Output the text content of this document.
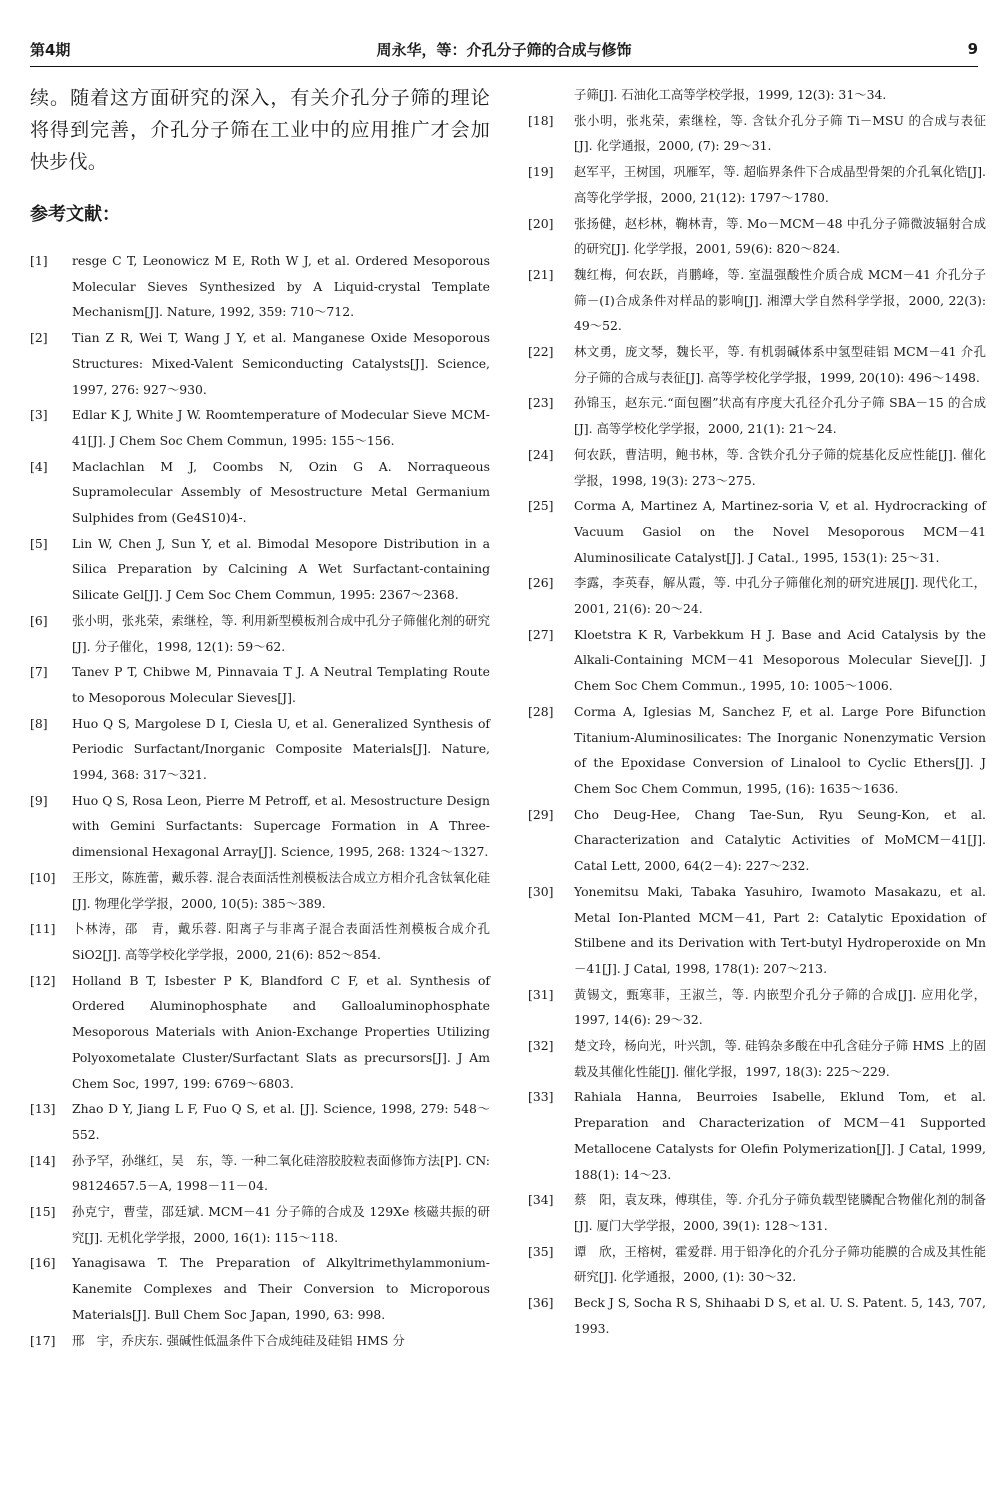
第4期	周永华，等：介孔分子筛的合成与修饰	9

续。随着这方面研究的深入，有关介孔分子筛的理论将得到完善，介孔分子筛在工业中的应用推广才会加快步伐。

参考文献：
[1]	resge C T, Leonowicz M E, Roth W J, et al. Ordered Mesoporous Molecular Sieves Synthesized by A Liquid-crystal Template Mechanism[J]. Nature, 1992, 359: 710～712.
[2]	Tian Z R, Wei T, Wang J Y, et al. Manganese Oxide Mesoporous Structures: Mixed-Valent Semiconducting Catalysts[J]. Science, 1997, 276: 927～930.
[3]	Edlar K J, White J W. Roomtemperature of Modecular Sieve MCM-41[J]. J Chem Soc Chem Commun, 1995: 155～156.
[4]	Maclachlan M J, Coombs N, Ozin G A. Norraqueous Supramolecular Assembly of Mesostructure Metal Germanium Sulphides from (Ge4S10)4-.
[5]	Lin W, Chen J, Sun Y, et al. Bimodal Mesopore Distribution in a Silica Preparation by Calcining A Wet Surfactant-containing Silicate Gel[J]. J Cem Soc Chem Commun, 1995: 2367～2368.
[6]	张小明，张兆荣，索继栓，等. 利用新型模板剂合成中孔分子筛催化剂的研究[J]. 分子催化，1998, 12(1): 59～62.
[7]	Tanev P T, Chibwe M, Pinnavaia T J. A Neutral Templating Route to Mesoporous Molecular Sieves[J].
[8]	Huo Q S, Margolese D I, Ciesla U, et al. Generalized Synthesis of Periodic Surfactant/Inorganic Composite Materials[J]. Nature, 1994, 368: 317～321.
[9]	Huo Q S, Rosa Leon, Pierre M Petroff, et al. Mesostructure Design with Gemini Surfactants: Supercage Formation in A Three-dimensional Hexagonal Array[J]. Science, 1995, 268: 1324～1327.
[10]	王彤文，陈旌蕾，戴乐蓉. 混合表面活性剂模板法合成立方相介孔含钛氧化硅[J]. 物理化学学报，2000, 10(5): 385～389.
[11]	卜林涛，邵　青，戴乐蓉. 阳离子与非离子混合表面活性剂模板合成介孔 SiO2[J]. 高等学校化学学报，2000, 21(6): 852～854.
[12]	Holland B T, Isbester P K, Blandford C F, et al. Synthesis of Ordered Aluminophosphate and Galloaluminophosphate Mesoporous Materials with Anion-Exchange Properties Utilizing Polyoxometalate Cluster/Surfactant Slats as precursors[J]. J Am Chem Soc, 1997, 199: 6769～6803.
[13]	Zhao D Y, Jiang L F, Fuo Q S, et al. [J]. Science, 1998, 279: 548～552.
[14]	孙予罕，孙继红，吴　东，等. 一种二氧化硅溶胶胶粒表面修饰方法[P]. CN: 98124657.5－A, 1998－11－04.
[15]	孙克宁，曹莹，邵廷斌. MCM－41 分子筛的合成及 129Xe 核磁共振的研究[J]. 无机化学学报，2000, 16(1): 115～118.
[16]	Yanagisawa T. The Preparation of Alkyltrimethylammonium-Kanemite Complexes and Their Conversion to Microporous Materials[J]. Bull Chem Soc Japan, 1990, 63: 998.
[17]	邢　宇，乔庆东. 强碱性低温条件下合成纯硅及硅铝 HMS 分
子筛[J]. 石油化工高等学校学报，1999, 12(3): 31～34.
[18]	张小明，张兆荣，索继栓，等. 含钛介孔分子筛 Ti－MSU 的合成与表征[J]. 化学通报，2000, (7): 29～31.
[19]	赵军平，王树国，巩雁军，等. 超临界条件下合成晶型骨架的介孔氧化锆[J]. 高等化学学报，2000, 21(12): 1797～1780.
[20]	张扬健，赵杉林，鞠林青，等. Mo－MCM－48 中孔分子筛微波辐射合成的研究[J]. 化学学报，2001, 59(6): 820～824.
[21]	魏红梅，何农跃，肖鹏峰，等. 室温强酸性介质合成 MCM－41 介孔分子筛－(Ⅰ)合成条件对样品的影响[J]. 湘潭大学自然科学学报，2000, 22(3): 49～52.
[22]	林文勇，庞文琴，魏长平，等. 有机弱碱体系中氢型硅铝 MCM－41 介孔分子筛的合成与表征[J]. 高等学校化学学报，1999, 20(10): 496～1498.
[23]	孙锦玉，赵东元.“面包圈”状高有序度大孔径介孔分子筛 SBA－15 的合成[J]. 高等学校化学学报，2000, 21(1): 21～24.
[24]	何农跃，曹洁明，鲍书林，等. 含铁介孔分子筛的烷基化反应性能[J]. 催化学报，1998, 19(3): 273～275.
[25]	Corma A, Martinez A, Martinez-soria V, et al. Hydrocracking of Vacuum Gasiol on the Novel Mesoporous MCM－41 Aluminosilicate Catalyst[J]. J Catal., 1995, 153(1): 25～31.
[26]	李露，李英春，解从霞，等. 中孔分子筛催化剂的研究进展[J]. 现代化工，2001, 21(6): 20～24.
[27]	Kloetstra K R, Varbekkum H J. Base and Acid Catalysis by the Alkali-Containing MCM－41 Mesoporous Molecular Sieve[J]. J Chem Soc Chem Commun., 1995, 10: 1005～1006.
[28]	Corma A, Iglesias M, Sanchez F, et al. Large Pore Bifunction Titanium-Aluminosilicates: The Inorganic Nonenzymatic Version of the Epoxidase Conversion of Linalool to Cyclic Ethers[J]. J Chem Soc Chem Commun, 1995, (16): 1635～1636.
[29]	Cho Deug-Hee, Chang Tae-Sun, Ryu Seung-Kon, et al. Characterization and Catalytic Activities of MoMCM－41[J]. Catal Lett, 2000, 64(2－4): 227～232.
[30]	Yonemitsu Maki, Tabaka Yasuhiro, Iwamoto Masakazu, et al. Metal Ion-Planted MCM－41, Part 2: Catalytic Epoxidation of Stilbene and its Derivation with Tert-butyl Hydroperoxide on Mn－41[J]. J Catal, 1998, 178(1): 207～213.
[31]	黄锡文，甄寒菲，王淑兰，等. 内嵌型介孔分子筛的合成[J]. 应用化学，1997, 14(6): 29～32.
[32]	楚文玲，杨向光，叶兴凯，等. 硅钨杂多酸在中孔含硅分子筛 HMS 上的固载及其催化性能[J]. 催化学报，1997, 18(3): 225～229.
[33]	Rahiala Hanna, Beurroies Isabelle, Eklund Tom, et al. Preparation and Characterization of MCM－41 Supported Metallocene Catalysts for Olefin Polymerization[J]. J Catal, 1999, 188(1): 14～23.
[34]	蔡　阳，袁友珠，傅琪佳，等. 介孔分子筛负载型铑膦配合物催化剂的制备[J]. 厦门大学学报，2000, 39(1): 128～131.
[35]	谭　欣，王榕树，霍爱群. 用于铅净化的介孔分子筛功能膜的合成及其性能研究[J]. 化学通报，2000, (1): 30～32.
[36]	Beck J S, Socha R S, Shihaabi D S, et al. U. S. Patent. 5, 143, 707, 1993.
